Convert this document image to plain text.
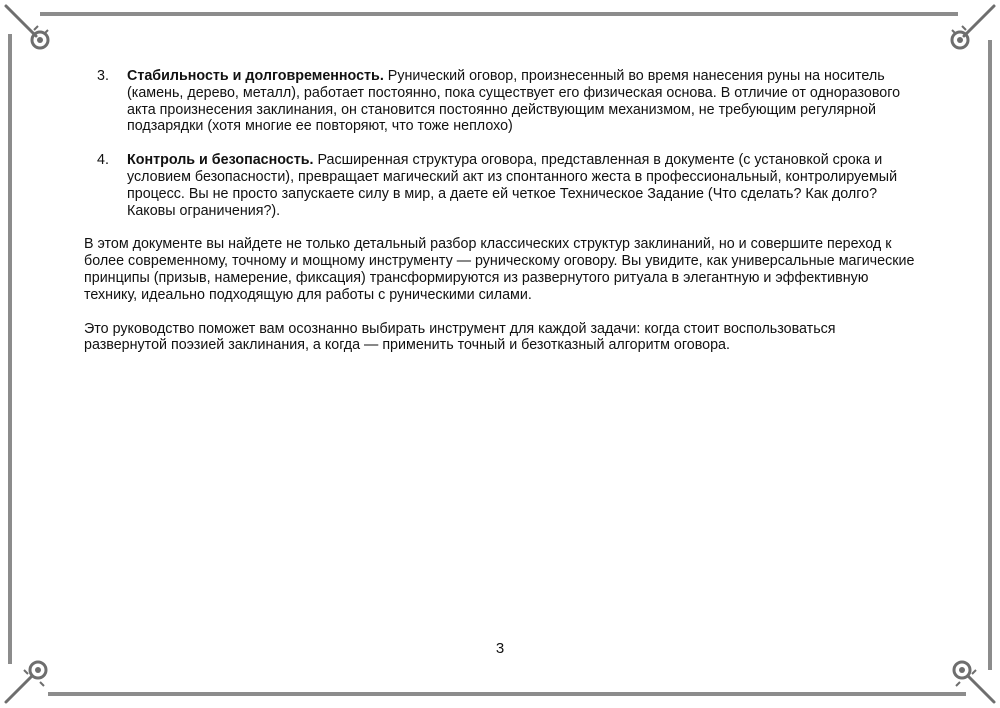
3. Стабильность и долговременность. Рунический оговор, произнесенный во время нанесения руны на носитель (камень, дерево, металл), работает постоянно, пока существует его физическая основа. В отличие от одноразового акта произнесения заклинания, он становится постоянно действующим механизмом, не требующим регулярной подзарядки (хотя многие ее повторяют, что тоже неплохо)
4. Контроль и безопасность. Расширенная структура оговора, представленная в документе (с установкой срока и условием безопасности), превращает магический акт из спонтанного жеста в профессиональный, контролируемый процесс. Вы не просто запускаете силу в мир, а даете ей четкое Техническое Задание (Что сделать? Как долго? Каковы ограничения?).

В этом документе вы найдете не только детальный разбор классических структур заклинаний, но и совершите переход к более современному, точному и мощному инструменту — руническому оговору. Вы увидите, как универсальные магические принципы (призыв, намерение, фиксация) трансформируются из развернутого ритуала в элегантную и эффективную технику, идеально подходящую для работы с руническими силами.

Это руководство поможет вам осознанно выбирать инструмент для каждой задачи: когда стоит воспользоваться развернутой поэзией заклинания, а когда — применить точный и безотказный алгоритм оговора.

3
